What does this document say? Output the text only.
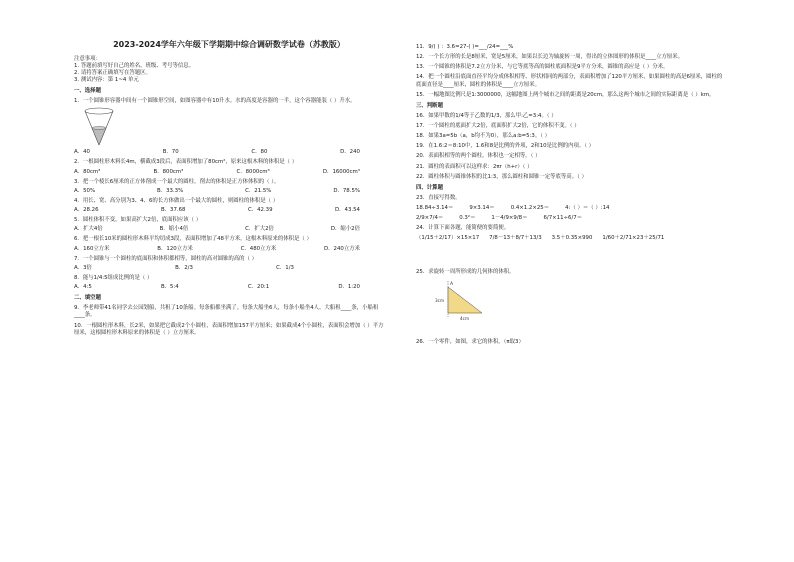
2023-2024学年六年级下学期期中综合调研数学试卷（苏教版）
注意事项：
1. 答题前填写好自己的姓名、班级、考号等信息。
2. 请将答案正确填写在答题区。
3. 测试内容：第 1~4 单元
一、选择题
1．一个圆锥形容器中间有一个圆锥形空间，如图容器中有10升水。水的高度是容器的一半，这个容器能装（ ）升水。
A．40	B．70	C．80	D．240
2．一根圆柱形木料长4m，横截成3段后，表面积增加了80cm²，原来这根木料的体积是（ ）
A．80cm³	B．800cm³	C．8000cm³	D．16000cm³
3．把一个棱长6厘米的正方体削成一个最大的圆柱，削去的体积是正方体体积的（ ）。
A．50%	B．33.3%	C．21.5%	D．78.5%
4．用长、宽、高分别为3、4、6的长方体做出一个最大的圆柱，则圆柱的体积是（ ）
A．28.26	B．37.68	C．42.39	D．43.54
5．圆柱体积不变，如果高扩大2倍，底面积应该（ ）
A．扩大4倍	B．缩小4倍	C．扩大2倍	D．缩小2倍
6．把一根长10米的圆柱形木料平均切成3段，表面积增加了48平方米，这根木料原来的体积是（ ）
A．160立方米	B．120立方米	C．480立方米	D．240立方米
7．一个圆锥与一个圆柱的底面积和体积都相等，圆柱的高对圆锥的高的（ ）
A．3倍	B．2/3	C．1/3
8．能与1/4:5组成比例的是（ ）
A．4:5	B．5:4	C．20:1	D．1:20
二、填空题
9．李老师带41名同学去公园划船，共租了10条船。每条船都坐满了。每条大船坐6人，每条小船坐4人。大船租____条，小船租____条。
10．一根圆柱形木料，长2米，如果把它截成2个小圆柱，表面积增加157平方厘米；如果截成4个小圆柱，表面积会增加（ ）平方厘米，这根圆柱形木料原来的体积是（ ）立方厘米。
11．9/( ) ：3.6=27-( )=___/24=___%
12．一个长方形的长是8厘米，宽是5厘米，如果以长边为轴旋转一周，得出的立体图形的体积是____立方厘米。
13．一个圆锥的体积是7.2立方分米，与它等底等高的圆柱底面积是9平方分米，圆锥的高应是（ ）分米。
14．把一个圆柱沿底面直径平均分成体积相等、形状相同的两部分，表面积增加了120平方厘米，如果圆柱的高是6厘米，圆柱的底面直径是____厘米，圆柱的体积是____立方厘米。
15．一幅地图比例尺是1:3000000，这幅地图上两个城市之间的距离是20cm，那么这两个城市之间的实际距离是（ ）km。
三、判断题
16．如果甲数的1/4等于乙数的1/3，那么甲:乙=3:4。（ ）
17．一个圆柱的底面扩大2倍，底面积扩大2倍，它的体积不变。（ ）
18．如果3a=5b（a，b均不为0），那么a:b=5:3。（ ）
19．在1.6:2＝8:10中，1.6和8是比例的外项，2和10是比例的内项。（ ）
20．表面积相等的两个圆柱，体积也一定相等。（ ）
21．圆柱的表面积可以这样求：2πr（h+r）（ ）
22．圆柱体积与圆锥体积的比1:3，那么圆柱和圆锥一定等底等高。（ ）
四、计算题
23．直接写得数。
18.84÷3.14＝	9×3.14＝	0.4×1.2×25＝	4:（ ）＝（ ）:14
2/9×7/4＝	0.3²＝	1－4/9×9/8＝	6/7×11÷6/7＝
24．计算下面各题，能简便的要简便。
（1/15＋2/17）×15×17 7/8－13＋8/7＋13/3 3.5＋0.35×990 1/60＋2/71×23＋25/71
25．求旋转一周所形成的几何体的体积。
A
3cm
4cm
26．一个零件，如图，求它的体积。（π取3）
